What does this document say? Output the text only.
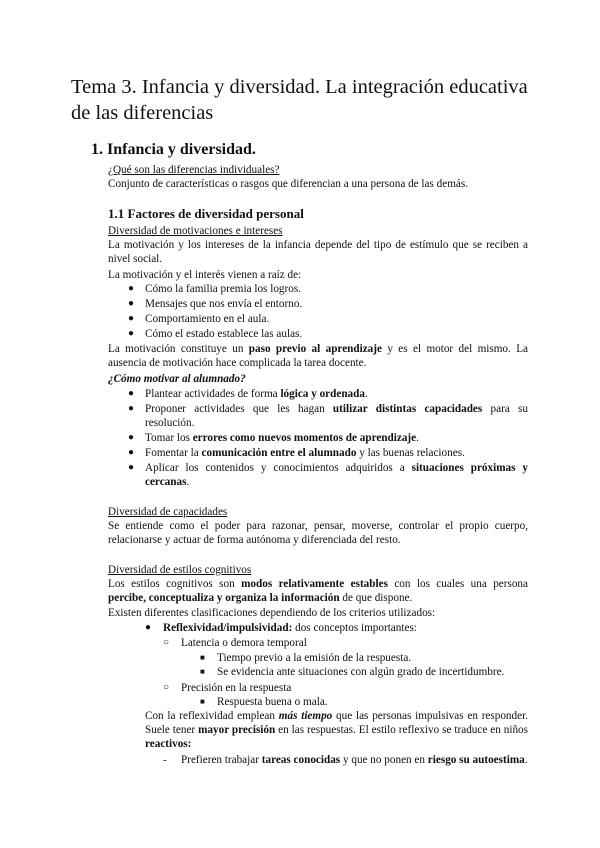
Tema 3. Infancia y diversidad. La integración educativa de las diferencias
1. Infancia y diversidad.
¿Qué son las diferencias individuales?
Conjunto de características o rasgos que diferencian a una persona de las demás.
1.1 Factores de diversidad personal
Diversidad de motivaciones e intereses
La motivación y los intereses de la infancia depende del tipo de estímulo que se reciben a nivel social.
La motivación y el interés vienen a raíz de:
● Cómo la familia premia los logros.
● Mensajes que nos envía el entorno.
● Comportamiento en el aula.
● Cómo el estado establece las aulas.
La motivación constituye un paso previo al aprendizaje y es el motor del mismo. La ausencia de motivación hace complicada la tarea docente.
¿Cómo motivar al alumnado?
● Plantear actividades de forma lógica y ordenada.
● Proponer actividades que les hagan utilizar distintas capacidades para su resolución.
● Tomar los errores como nuevos momentos de aprendizaje.
● Fomentar la comunicación entre el alumnado y las buenas relaciones.
● Aplicar los contenidos y conocimientos adquiridos a situaciones próximas y cercanas.
Diversidad de capacidades
Se entiende como el poder para razonar, pensar, moverse, controlar el propio cuerpo, relacionarse y actuar de forma autónoma y diferenciada del resto.
Diversidad de estilos cognitivos
Los estilos cognitivos son modos relativamente estables con los cuales una persona percibe, conceptualiza y organiza la información de que dispone.
Existen diferentes clasificaciones dependiendo de los criterios utilizados:
● Reflexividad/impulsividad: dos conceptos importantes:
○ Latencia o demora temporal
■ Tiempo previo a la emisión de la respuesta.
■ Se evidencia ante situaciones con algún grado de incertidumbre.
○ Precisión en la respuesta
■ Respuesta buena o mala.
Con la reflexividad emplean más tiempo que las personas impulsivas en responder. Suele tener mayor precisión en las respuestas. El estilo reflexivo se traduce en niños reactivos:
- Prefieren trabajar tareas conocidas y que no ponen en riesgo su autoestima.
